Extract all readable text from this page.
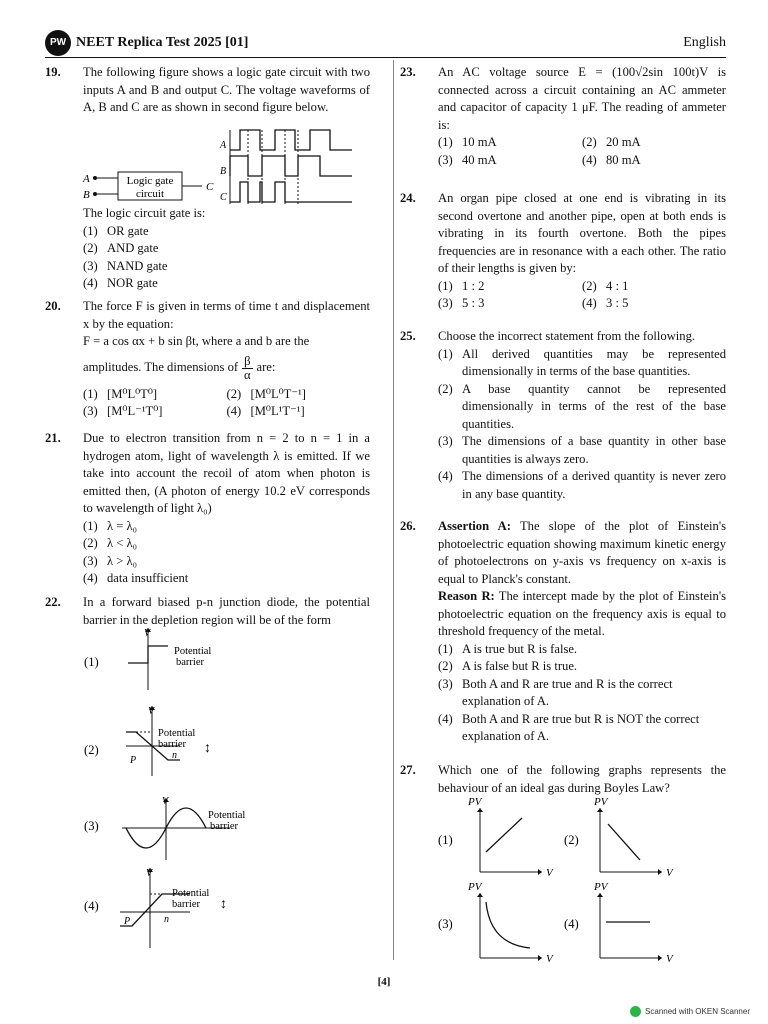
PW NEET Replica Test 2025 [01]	English
19. The following figure shows a logic gate circuit with two inputs A and B and output C. The voltage waveforms of A, B and C are as shown in second figure below.

A
B
Logic gate
circuit
C
A
B
C

The logic circuit gate is:

(1) OR gate
(2) AND gate
(3) NAND gate
(4) NOR gate
20. The force F is given in terms of time t and displacement x by the equation:

F = a cos αx + b sin βt, where a and b are the

amplitudes. The dimensions of $\frac{\beta}{\alpha}$ are:

(1) [M⁰L⁰T⁰]	(2) [M⁰L⁰T⁻¹]
(3) [M⁰L⁻¹T⁰]	(4) [M⁰L¹T⁻¹]
21. Due to electron transition from n = 2 to n = 1 in a hydrogen atom, light of wavelength λ is emitted. If we take into account the recoil of atom when photon is emitted then, (A photon of energy 10.2 eV corresponds to wavelength of light λ₀)

(1) λ = λ₀
(2) λ < λ₀
(3) λ > λ₀
(4) data insufficient
22. In a forward biased p-n junction diode, the potential barrier in the depletion region will be of the form

(1)
V
Potential
barrier
(2)
V
Potential
barrier
P	n ↕
(3)
V
Potential
barrier
(4)
V
Potential
barrier
P	n
↕
23. An AC voltage source E = (100√2sin 100t)V is connected across a circuit containing an AC ammeter and capacitor of capacity 1 μF. The reading of ammeter is:

(1) 10 mA	(2) 20 mA
(3) 40 mA	(4) 80 mA
24. An organ pipe closed at one end is vibrating in its second overtone and another pipe, open at both ends is vibrating in its fourth overtone. Both the pipes frequencies are in resonance with a each other. The ratio of their lengths is given by:

(1) 1 : 2	(2) 4 : 1
(3) 5 : 3	(4) 3 : 5
25. Choose the incorrect statement from the following.

(1) All derived quantities may be represented dimensionally in terms of the base quantities.
(2) A base quantity cannot be represented dimensionally in terms of the rest of the base quantities.
(3) The dimensions of a base quantity in other base quantities is always zero.
(4) The dimensions of a derived quantity is never zero in any base quantity.
26. Assertion A: The slope of the plot of Einstein's photoelectric equation showing maximum kinetic energy of photoelectrons on y-axis vs frequency on x-axis is equal to Planck's constant.

Reason R: The intercept made by the plot of Einstein's photoelectric equation on the frequency axis is equal to threshold frequency of the metal.

(1) A is true but R is false.
(2) A is false but R is true.
(3) Both A and R are true and R is the correct explanation of A.
(4) Both A and R are true but R is NOT the correct explanation of A.
27. Which one of the following graphs represents the behaviour of an ideal gas during Boyles Law?

(1)
PV
V
(2)
PV
V
(3)
PV
V
(4)
PV
V
[4]
Scanned with OKEN Scanner
